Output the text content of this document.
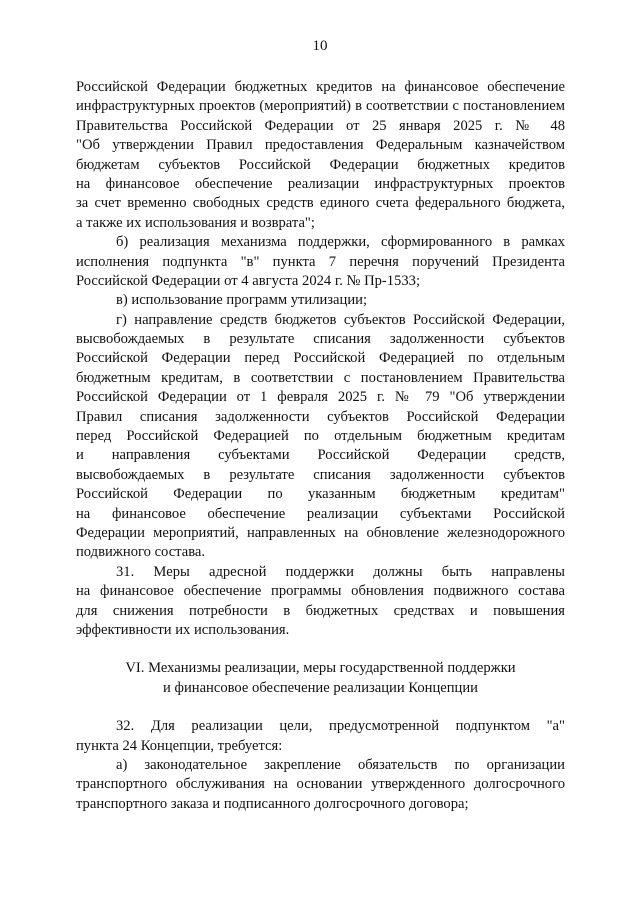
10
Российской Федерации бюджетных кредитов на финансовое обеспечение
инфраструктурных проектов (мероприятий) в соответствии с постановлением
Правительства Российской Федерации от 25 января 2025 г. № 48
"Об утверждении Правил предоставления Федеральным казначейством
бюджетам субъектов Российской Федерации бюджетных кредитов
на финансовое обеспечение реализации инфраструктурных проектов
за счет временно свободных средств единого счета федерального бюджета,
а также их использования и возврата";
б) реализация механизма поддержки, сформированного в рамках
исполнения подпункта "в" пункта 7 перечня поручений Президента
Российской Федерации от 4 августа 2024 г. № Пр-1533;
в) использование программ утилизации;
г) направление средств бюджетов субъектов Российской Федерации,
высвобождаемых в результате списания задолженности субъектов
Российской Федерации перед Российской Федерацией по отдельным
бюджетным кредитам, в соответствии с постановлением Правительства
Российской Федерации от 1 февраля 2025 г. № 79 "Об утверждении
Правил списания задолженности субъектов Российской Федерации
перед Российской Федерацией по отдельным бюджетным кредитам
и направления субъектами Российской Федерации средств,
высвобождаемых в результате списания задолженности субъектов
Российской Федерации по указанным бюджетным кредитам"
на финансовое обеспечение реализации субъектами Российской
Федерации мероприятий, направленных на обновление железнодорожного
подвижного состава.
31. Меры адресной поддержки должны быть направлены
на финансовое обеспечение программы обновления подвижного состава
для снижения потребности в бюджетных средствах и повышения
эффективности их использования.
VI. Механизмы реализации, меры государственной поддержки
и финансовое обеспечение реализации Концепции
32. Для реализации цели, предусмотренной подпунктом "а"
пункта 24 Концепции, требуется:
а) законодательное закрепление обязательств по организации
транспортного обслуживания на основании утвержденного долгосрочного
транспортного заказа и подписанного долгосрочного договора;
